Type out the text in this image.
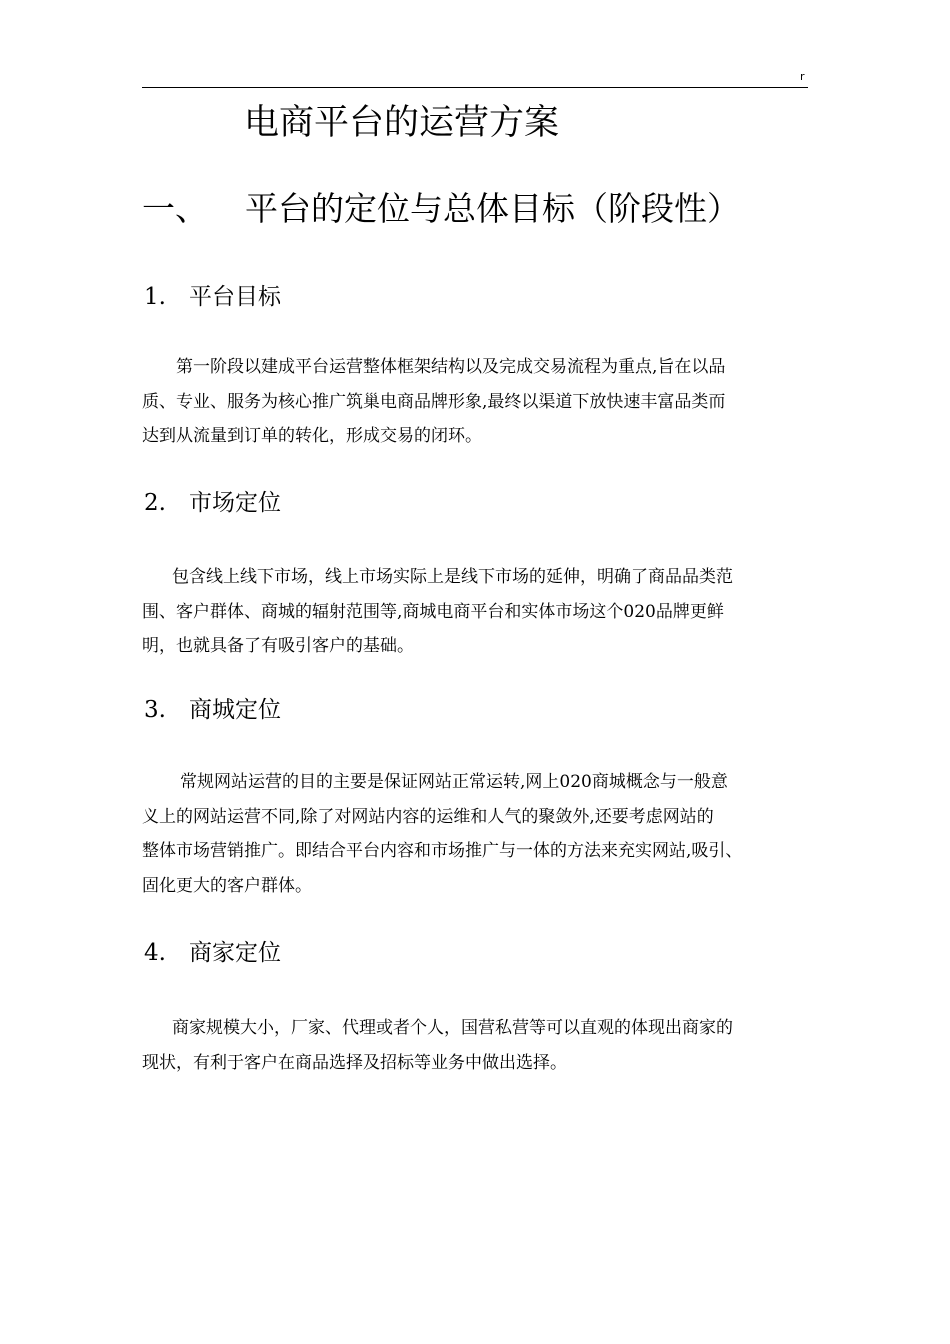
r
电商平台的运营方案
一、 平台的定位与总体目标（阶段性）
1. 平台目标

第一阶段以建成平台运营整体框架结构以及完成交易流程为重点,旨在以品
质、专业、服务为核心推广筑巢电商品牌形象,最终以渠道下放快速丰富品类而
达到从流量到订单的转化，形成交易的闭环。

2. 市场定位

包含线上线下市场，线上市场实际上是线下市场的延伸，明确了商品品类范
围、客户群体、商城的辐射范围等,商城电商平台和实体市场这个020品牌更鲜
明，也就具备了有吸引客户的基础。

3. 商城定位

常规网站运营的目的主要是保证网站正常运转,网上020商城概念与一般意
义上的网站运营不同,除了对网站内容的运维和人气的聚敛外,还要考虑网站的
整体市场营销推广。即结合平台内容和市场推广与一体的方法来充实网站,吸引、
固化更大的客户群体。

4. 商家定位

商家规模大小，厂家、代理或者个人，国营私营等可以直观的体现出商家的
现状，有利于客户在商品选择及招标等业务中做出选择。
